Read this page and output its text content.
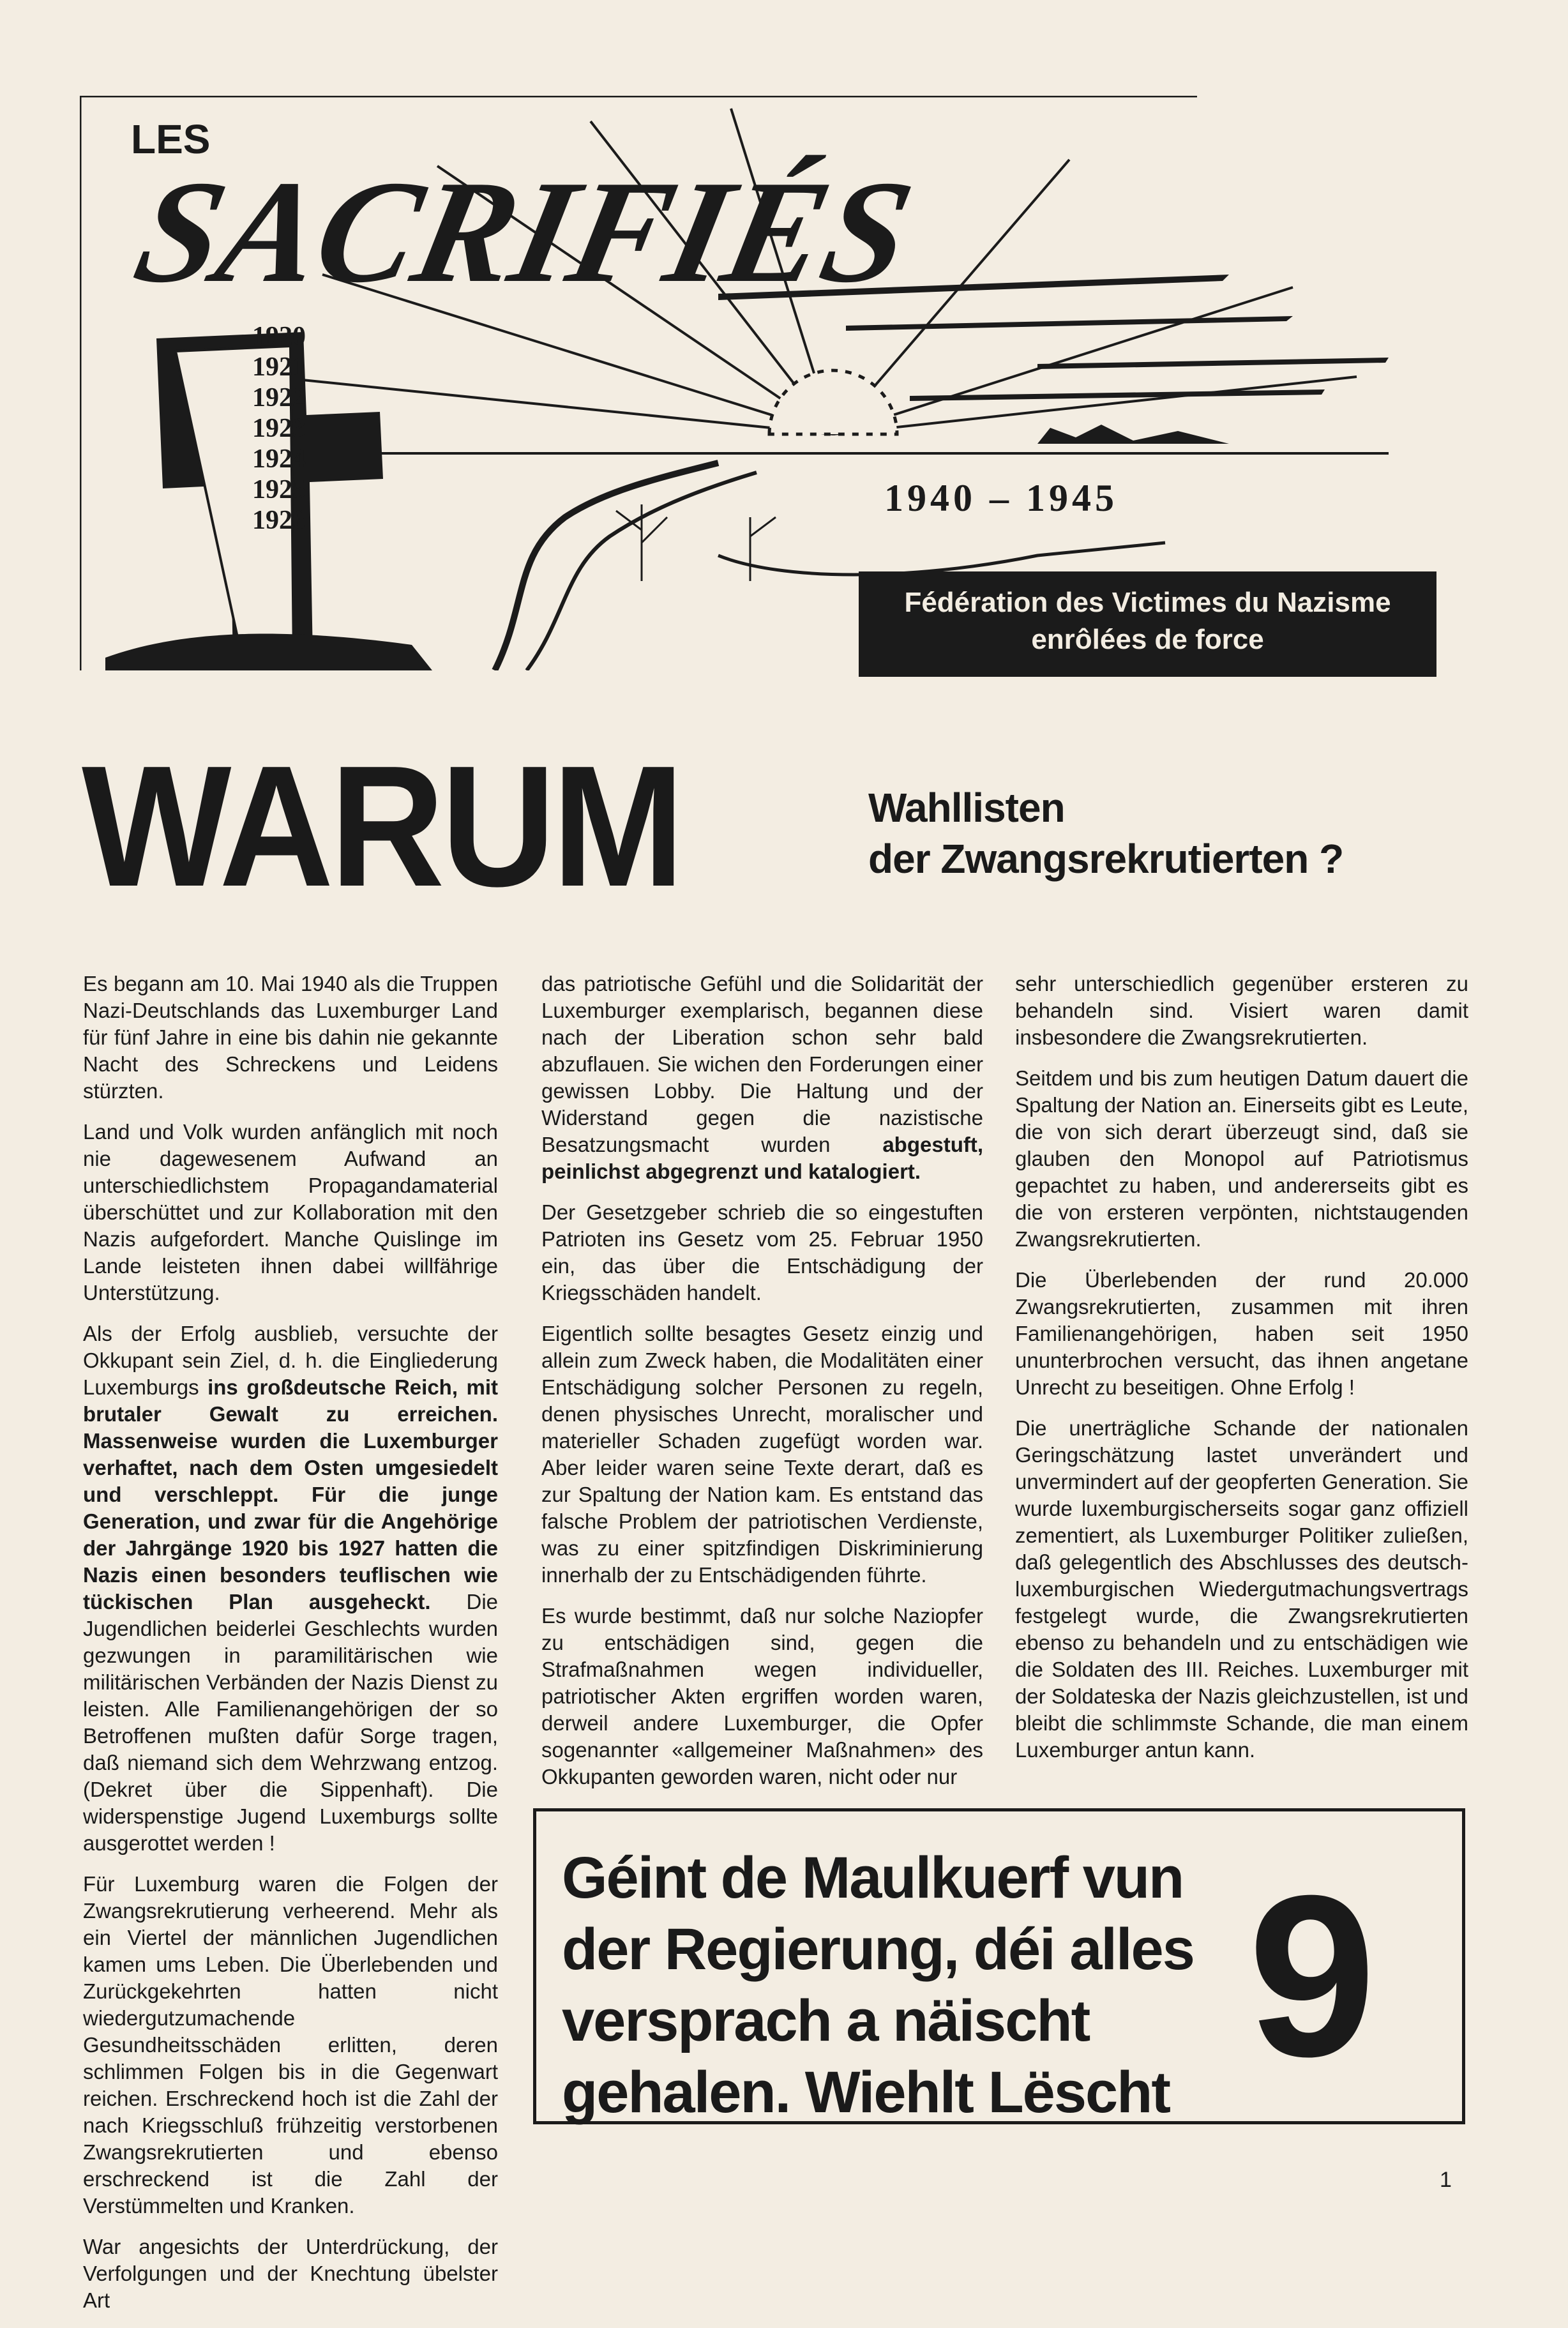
LES
SACRIFIÉS
1920
1921
1922
1923
1924
1925
1926
1940 – 1945
Fédération des Victimes du Nazisme
enrôlées de force
WARUM	Wahllisten
der Zwangsrekrutierten ?

Es begann am 10. Mai 1940 als die Truppen Nazi-Deutschlands das Luxemburger Land für fünf Jahre in eine bis dahin nie gekannte Nacht des Schreckens und Leidens stürzten.

Land und Volk wurden anfänglich mit noch nie dagewesenem Aufwand an unterschiedlichstem Propagandamaterial überschüttet und zur Kollaboration mit den Nazis aufgefordert. Manche Quislinge im Lande leisteten ihnen dabei willfährige Unterstützung.

Als der Erfolg ausblieb, versuchte der Okkupant sein Ziel, d. h. die Eingliederung Luxemburgs ins großdeutsche Reich, mit brutaler Gewalt zu erreichen. Massenweise wurden die Luxemburger verhaftet, nach dem Osten umgesiedelt und verschleppt. Für die junge Generation, und zwar für die Angehörige der Jahrgänge 1920 bis 1927 hatten die Nazis einen besonders teuflischen wie tückischen Plan ausgeheckt. Die Jugendlichen beiderlei Geschlechts wurden gezwungen in paramilitärischen wie militärischen Verbänden der Nazis Dienst zu leisten. Alle Familienangehörigen der so Betroffenen mußten dafür Sorge tragen, daß niemand sich dem Wehrzwang entzog. (Dekret über die Sippenhaft). Die widerspenstige Jugend Luxemburgs sollte ausgerottet werden !

Für Luxemburg waren die Folgen der Zwangsrekrutierung verheerend. Mehr als ein Viertel der männlichen Jugendlichen kamen ums Leben. Die Überlebenden und Zurückgekehrten hatten nicht wiedergutzumachende Gesundheitsschäden erlitten, deren schlimmen Folgen bis in die Gegenwart reichen. Erschreckend hoch ist die Zahl der nach Kriegsschluß frühzeitig verstorbenen Zwangsrekrutierten und ebenso erschreckend ist die Zahl der Verstümmelten und Kranken.

War angesichts der Unterdrückung, der Verfolgungen und der Knechtung übelster Art

das patriotische Gefühl und die Solidarität der Luxemburger exemplarisch, begannen diese nach der Liberation schon sehr bald abzuflauen. Sie wichen den Forderungen einer gewissen Lobby. Die Haltung und der Widerstand gegen die nazistische Besatzungsmacht wurden abgestuft, peinlichst abgegrenzt und katalogiert.

Der Gesetzgeber schrieb die so eingestuften Patrioten ins Gesetz vom 25. Februar 1950 ein, das über die Entschädigung der Kriegsschäden handelt.

Eigentlich sollte besagtes Gesetz einzig und allein zum Zweck haben, die Modalitäten einer Entschädigung solcher Personen zu regeln, denen physisches Unrecht, moralischer und materieller Schaden zugefügt worden war. Aber leider waren seine Texte derart, daß es zur Spaltung der Nation kam. Es entstand das falsche Problem der patriotischen Verdienste, was zu einer spitzfindigen Diskriminierung innerhalb der zu Entschädigenden führte.

Es wurde bestimmt, daß nur solche Naziopfer zu entschädigen sind, gegen die Strafmaßnahmen wegen individueller, patriotischer Akten ergriffen worden waren, derweil andere Luxemburger, die Opfer sogenannter «allgemeiner Maßnahmen» des Okkupanten geworden waren, nicht oder nur

sehr unterschiedlich gegenüber ersteren zu behandeln sind. Visiert waren damit insbesondere die Zwangsrekrutierten.

Seitdem und bis zum heutigen Datum dauert die Spaltung der Nation an. Einerseits gibt es Leute, die von sich derart überzeugt sind, daß sie glauben den Monopol auf Patriotismus gepachtet zu haben, und andererseits gibt es die von ersteren verpönten, nichtstaugenden Zwangsrekrutierten.

Die Überlebenden der rund 20.000 Zwangsrekrutierten, zusammen mit ihren Familienangehörigen, haben seit 1950 ununterbrochen versucht, das ihnen angetane Unrecht zu beseitigen. Ohne Erfolg !

Die unerträgliche Schande der nationalen Geringschätzung lastet unverändert und unvermindert auf der geopferten Generation. Sie wurde luxemburgischerseits sogar ganz offiziell zementiert, als Luxemburger Politiker zuließen, daß gelegentlich des Abschlusses des deutsch-luxemburgischen Wiedergutmachungsvertrags festgelegt wurde, die Zwangsrekrutierten ebenso zu behandeln und zu entschädigen wie die Soldaten des III. Reiches. Luxemburger mit der Soldateska der Nazis gleichzustellen, ist und bleibt die schlimmste Schande, die man einem Luxemburger antun kann.

Géint de Maulkuerf vun der Regierung, déi alles versprach a näischt gehalen. Wiehlt Lëscht 9
1
